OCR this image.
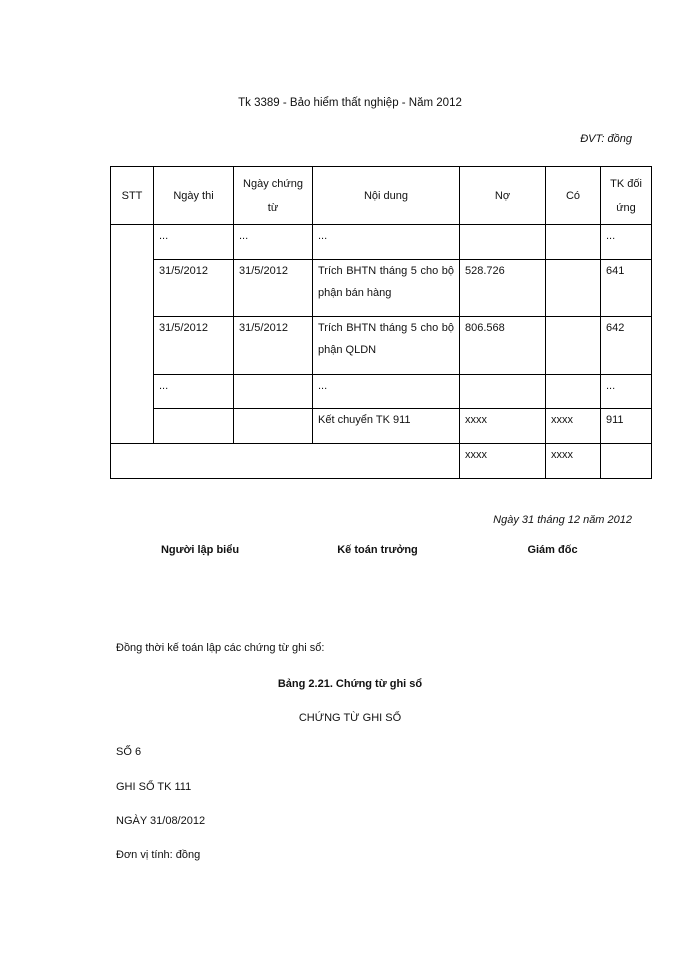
Tk 3389 - Bảo hiểm thất nghiệp - Năm 2012
ĐVT: đồng
STT	Ngày thi	Ngày chứng từ	Nội dung	Nợ	Có	TK đối ứng
	...	...	...			...
	31/5/2012	31/5/2012	Trích BHTN tháng 5 cho bộ phận bán hàng	528.726		641
	31/5/2012	31/5/2012	Trích BHTN tháng 5 cho bộ phận QLDN	806.568		642
	...		...			...
			Kết chuyển TK 911	xxxx	xxxx	911
				xxxx	xxxx	
Ngày 31 tháng 12 năm 2012
Người lập biểu	Kế toán trưởng	Giám đốc
Đồng thời kế toán lập các chứng từ ghi sổ:
Bảng 2.21. Chứng từ ghi sổ
CHỨNG TỪ GHI SỔ
SỐ 6
GHI SỔ TK 111
NGÀY 31/08/2012
Đơn vị tính: đồng
